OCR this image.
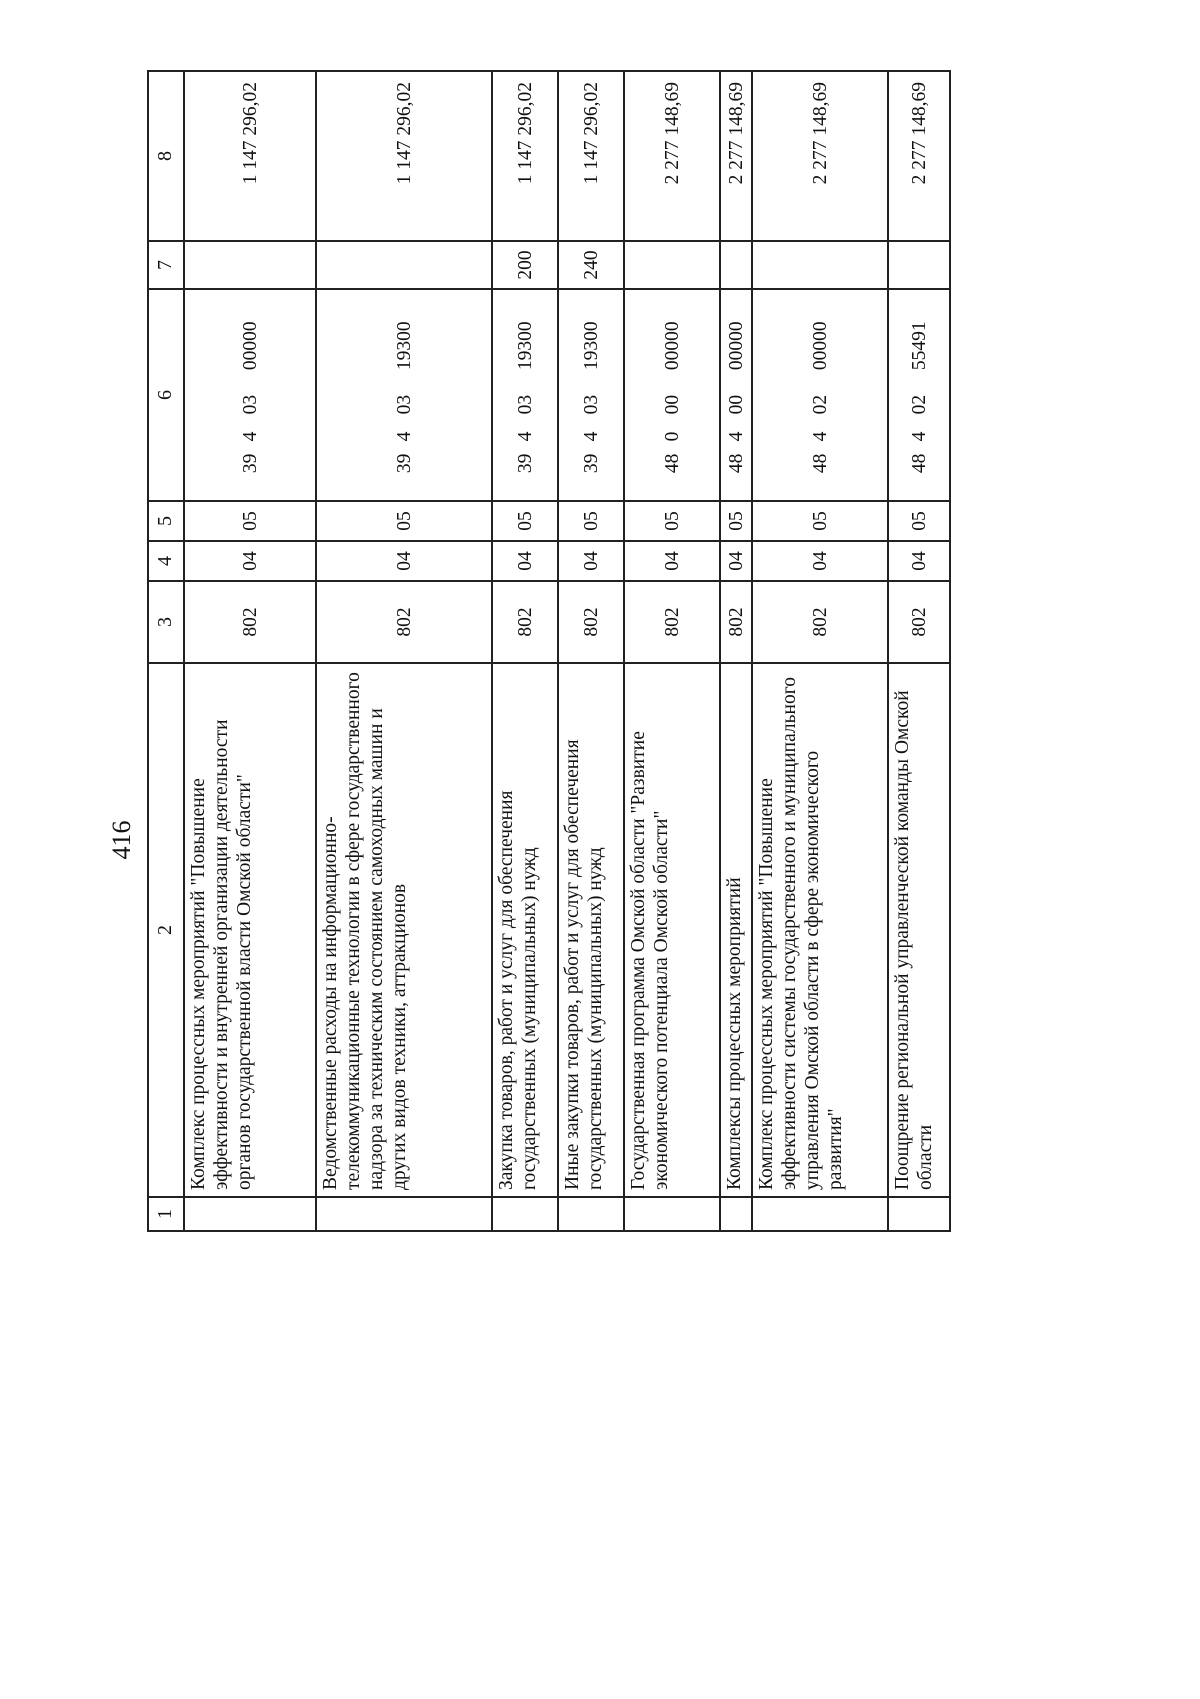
416
1	2	3	4	5	6	7	8
	Комплекс процессных мероприятий "Повышение эффективности и внутренней организации деятельности органов государственной власти Омской области"	802	04	05	39 4 03 00000		1 147 296,02
	Ведомственные расходы на информационно-телекоммуникационные технологии в сфере государственного надзора за техническим состоянием самоходных машин и других видов техники, аттракционов	802	04	05	39 4 03 19300		1 147 296,02
	Закупка товаров, работ и услуг для обеспечения государственных (муниципальных) нужд	802	04	05	39 4 03 19300	200	1 147 296,02
	Иные закупки товаров, работ и услуг для обеспечения государственных (муниципальных) нужд	802	04	05	39 4 03 19300	240	1 147 296,02
	Государственная программа Омской области "Развитие экономического потенциала Омской области"	802	04	05	48 0 00 00000		2 277 148,69
	Комплексы процессных мероприятий	802	04	05	48 4 00 00000		2 277 148,69
	Комплекс процессных мероприятий "Повышение эффективности системы государственного и муниципального управления Омской области в сфере экономического развития"	802	04	05	48 4 02 00000		2 277 148,69
	Поощрение региональной управленческой команды Омской области	802	04	05	48 4 02 55491		2 277 148,69
